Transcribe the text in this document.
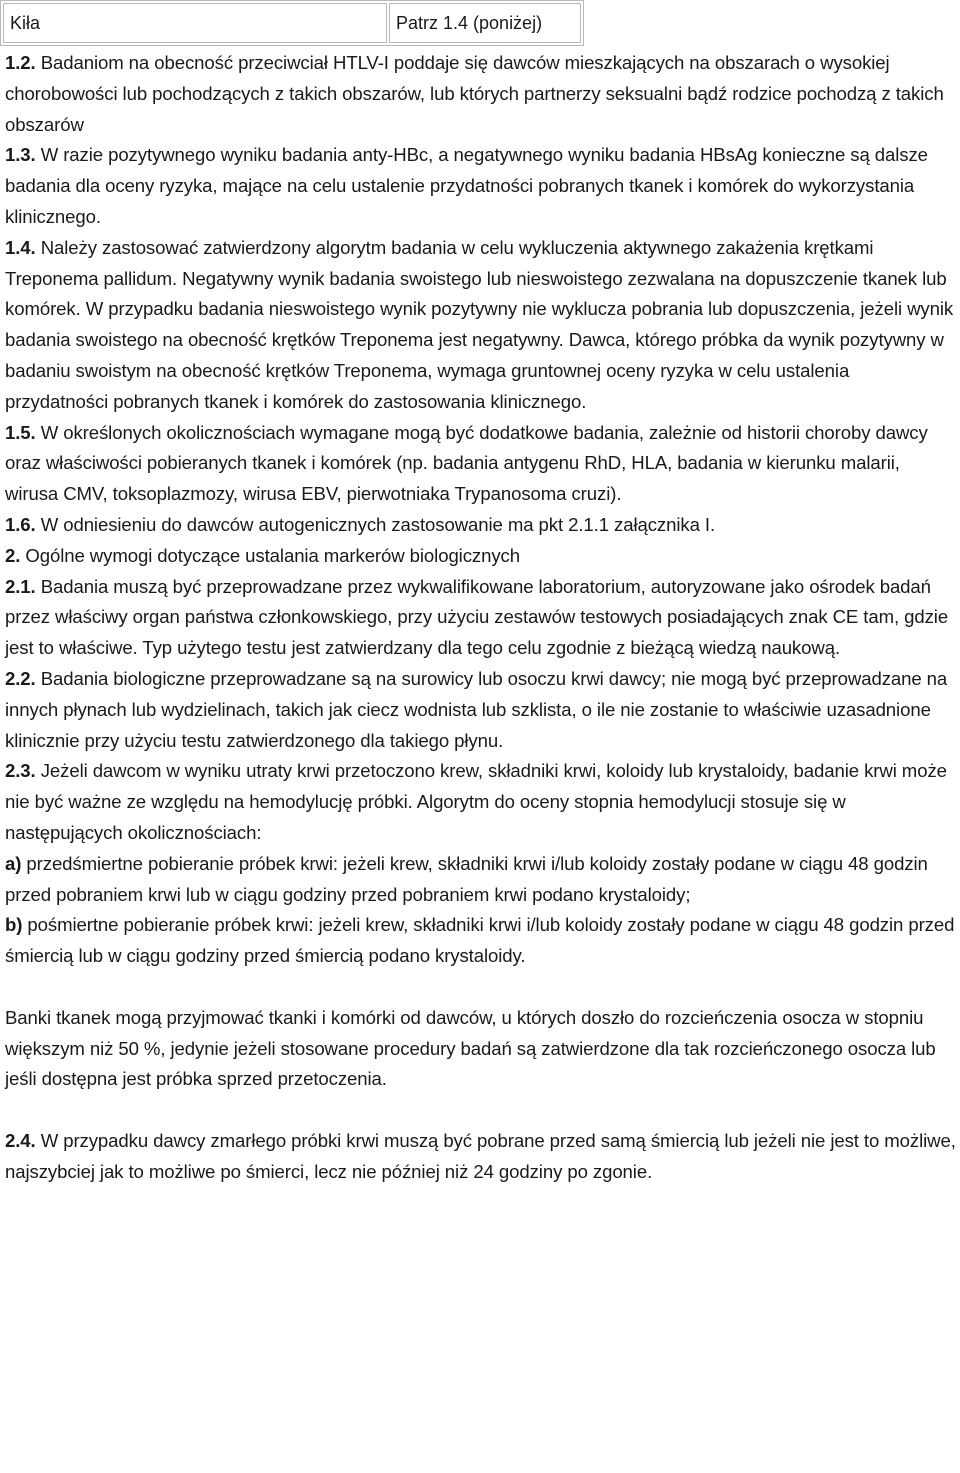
Kiła	Patrz 1.4 (poniżej)

1.2. Badaniom na obecność przeciwciał HTLV-I poddaje się dawców mieszkających na obszarach o wysokiej chorobowości lub pochodzących z takich obszarów, lub których partnerzy seksualni bądź rodzice pochodzą z takich obszarów

1.3. W razie pozytywnego wyniku badania anty-HBc, a negatywnego wyniku badania HBsAg konieczne są dalsze badania dla oceny ryzyka, mające na celu ustalenie przydatności pobranych tkanek i komórek do wykorzystania klinicznego.

1.4. Należy zastosować zatwierdzony algorytm badania w celu wykluczenia aktywnego zakażenia krętkami Treponema pallidum. Negatywny wynik badania swoistego lub nieswoistego zezwalana na dopuszczenie tkanek lub komórek. W przypadku badania nieswoistego wynik pozytywny nie wyklucza pobrania lub dopuszczenia, jeżeli wynik badania swoistego na obecność krętków Treponema jest negatywny. Dawca, którego próbka da wynik pozytywny w badaniu swoistym na obecność krętków Treponema, wymaga gruntownej oceny ryzyka w celu ustalenia przydatności pobranych tkanek i komórek do zastosowania klinicznego.

1.5. W określonych okolicznościach wymagane mogą być dodatkowe badania, zależnie od historii choroby dawcy oraz właściwości pobieranych tkanek i komórek (np. badania antygenu RhD, HLA, badania w kierunku malarii, wirusa CMV, toksoplazmozy, wirusa EBV, pierwotniaka Trypanosoma cruzi).

1.6. W odniesieniu do dawców autogenicznych zastosowanie ma pkt 2.1.1 załącznika I.

2. Ogólne wymogi dotyczące ustalania markerów biologicznych

2.1. Badania muszą być przeprowadzane przez wykwalifikowane laboratorium, autoryzowane jako ośrodek badań przez właściwy organ państwa członkowskiego, przy użyciu zestawów testowych posiadających znak CE tam, gdzie jest to właściwe. Typ użytego testu jest zatwierdzany dla tego celu zgodnie z bieżącą wiedzą naukową.

2.2. Badania biologiczne przeprowadzane są na surowicy lub osoczu krwi dawcy; nie mogą być przeprowadzane na innych płynach lub wydzielinach, takich jak ciecz wodnista lub szklista, o ile nie zostanie to właściwie uzasadnione klinicznie przy użyciu testu zatwierdzonego dla takiego płynu.

2.3. Jeżeli dawcom w wyniku utraty krwi przetoczono krew, składniki krwi, koloidy lub krystaloidy, badanie krwi może nie być ważne ze względu na hemodylucję próbki. Algorytm do oceny stopnia hemodylucji stosuje się w następujących okolicznościach:

a) przedśmiertne pobieranie próbek krwi: jeżeli krew, składniki krwi i/lub koloidy zostały podane w ciągu 48 godzin przed pobraniem krwi lub w ciągu godziny przed pobraniem krwi podano krystaloidy;

b) pośmiertne pobieranie próbek krwi: jeżeli krew, składniki krwi i/lub koloidy zostały podane w ciągu 48 godzin przed śmiercią lub w ciągu godziny przed śmiercią podano krystaloidy.

Banki tkanek mogą przyjmować tkanki i komórki od dawców, u których doszło do rozcieńczenia osocza w stopniu większym niż 50 %, jedynie jeżeli stosowane procedury badań są zatwierdzone dla tak rozcieńczonego osocza lub jeśli dostępna jest próbka sprzed przetoczenia.

2.4. W przypadku dawcy zmarłego próbki krwi muszą być pobrane przed samą śmiercią lub jeżeli nie jest to możliwe, najszybciej jak to możliwe po śmierci, lecz nie później niż 24 godziny po zgonie.
